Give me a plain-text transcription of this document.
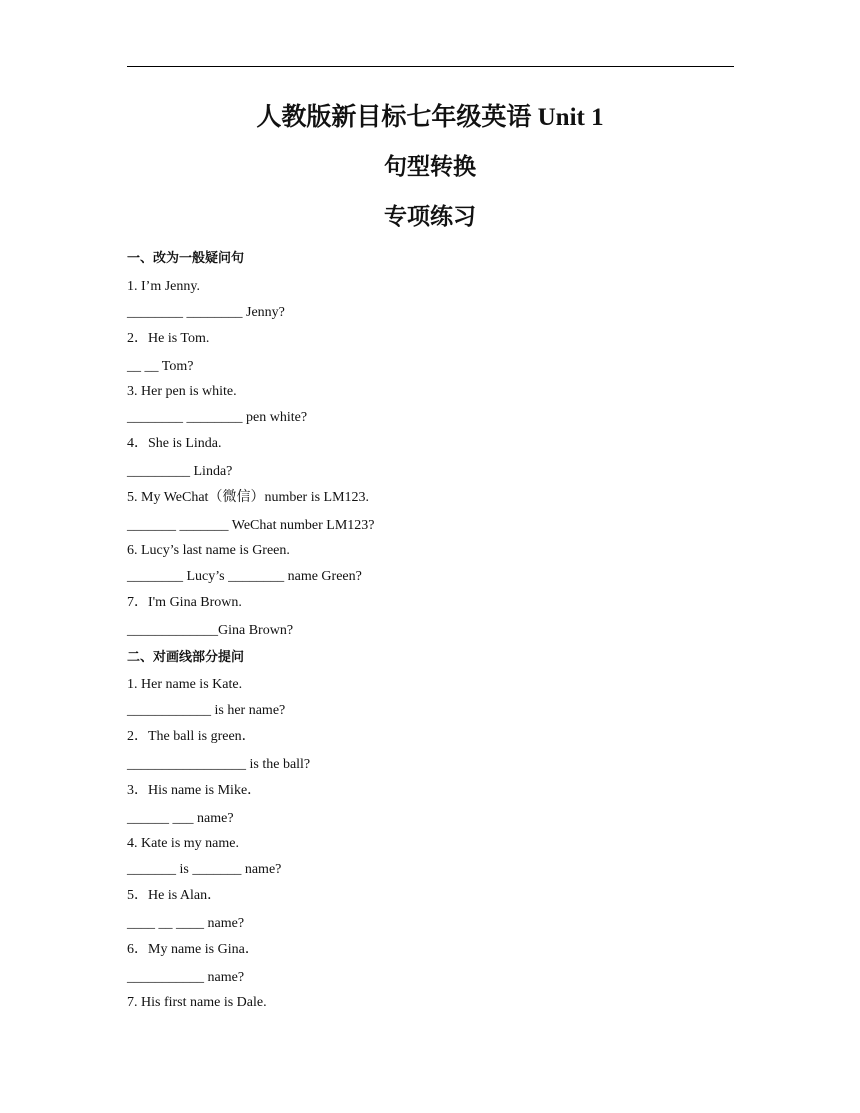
人教版新目标七年级英语 Unit 1
句型转换
专项练习
一、改为一般疑问句
1. I’m Jenny.
________ ________ Jenny?
2．He is Tom.
__ __ Tom?
3. Her pen is white.
________ ________ pen white?
4．She is Linda.
_________ Linda?
5. My WeChat（微信）number is LM123.
_______ _______ WeChat number LM123?
6. Lucy’s last name is Green.
________ Lucy’s ________ name Green?
7．I'm Gina Brown.
_____________Gina Brown?
二、对画线部分提问
1. Her name is Kate.
____________ is her name?
2．The ball is green．
_________________ is the ball?
3．His name is Mike．
______ ___ name?
4. Kate is my name.
_______ is _______ name?
5．He is Alan．
____ __ ____ name?
6．My name is Gina．
___________ name?
7. His first name is Dale.
